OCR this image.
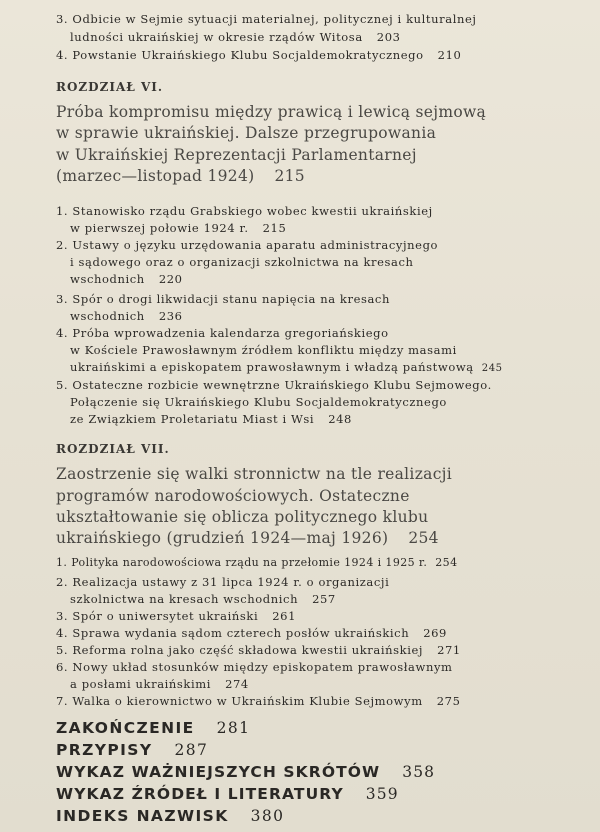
3. Odbicie w Sejmie sytuacji materialnej, politycznej i kulturalnej
ludności ukraińskiej w okresie rządów Witosa 203
4. Powstanie Ukraińskiego Klubu Socjaldemokratycznego 210
ROZDZIAŁ VI.
Próba kompromisu między prawicą i lewicą sejmową
w sprawie ukraińskiej. Dalsze przegrupowania
w Ukraińskiej Reprezentacji Parlamentarnej
(marzec—listopad 1924) 215
1. Stanowisko rządu Grabskiego wobec kwestii ukraińskiej
w pierwszej połowie 1924 r. 215
2. Ustawy o języku urzędowania aparatu administracyjnego
i sądowego oraz o organizacji szkolnictwa na kresach
wschodnich 220
3. Spór o drogi likwidacji stanu napięcia na kresach
wschodnich 236
4. Próba wprowadzenia kalendarza gregoriańskiego
w Kościele Prawosławnym źródłem konfliktu między masami
ukraińskimi a episkopatem prawosławnym i władzą państwową 245
5. Ostateczne rozbicie wewnętrzne Ukraińskiego Klubu Sejmowego.
Połączenie się Ukraińskiego Klubu Socjaldemokratycznego
ze Związkiem Proletariatu Miast i Wsi 248
ROZDZIAŁ VII.
Zaostrzenie się walki stronnictw na tle realizacji
programów narodowościowych. Ostateczne
ukształtowanie się oblicza politycznego klubu
ukraińskiego (grudzień 1924—maj 1926) 254
1. Polityka narodowościowa rządu na przełomie 1924 i 1925 r. 254
2. Realizacja ustawy z 31 lipca 1924 r. o organizacji
szkolnictwa na kresach wschodnich 257
3. Spór o uniwersytet ukraiński 261
4. Sprawa wydania sądom czterech posłów ukraińskich 269
5. Reforma rolna jako część składowa kwestii ukraińskiej 271
6. Nowy układ stosunków między episkopatem prawosławnym
a posłami ukraińskimi 274
7. Walka o kierownictwo w Ukraińskim Klubie Sejmowym 275
ZAKOŃCZENIE 281
PRZYPISY 287
WYKAZ WAŻNIEJSZYCH SKRÓTÓW 358
WYKAZ ŹRÓDEŁ I LITERATURY 359
INDEKS NAZWISK 380
